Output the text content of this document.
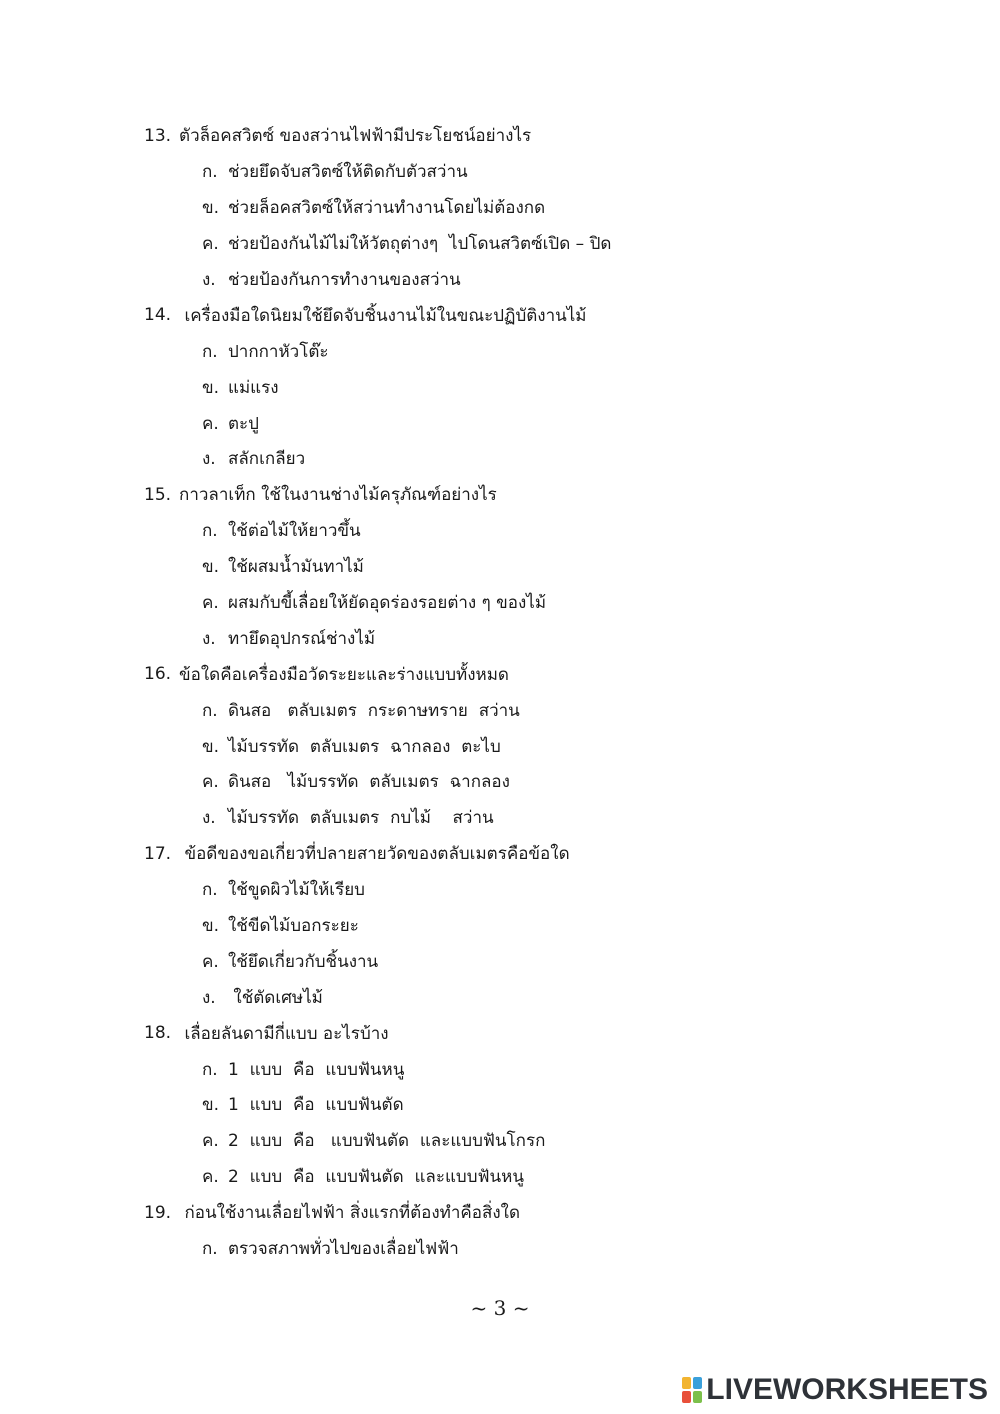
13. ตัวล็อคสวิตซ์ ของสว่านไฟฟ้ามีประโยชน์อย่างไร
ก. ช่วยยึดจับสวิตซ์ให้ติดกับตัวสว่าน
ข. ช่วยล็อคสวิตซ์ให้สว่านทำงานโดยไม่ต้องกด
ค. ช่วยป้องกันไม้ไม่ให้วัตถุต่างๆ  ไปโดนสวิตซ์เปิด – ปิด
ง. ช่วยป้องกันการทำงานของสว่าน
14. เครื่องมือใดนิยมใช้ยึดจับชิ้นงานไม้ในขณะปฏิบัติงานไม้
ก. ปากกาหัวโต๊ะ
ข. แม่แรง
ค. ตะปู
ง. สลักเกลียว
15. กาวลาเท็ก ใช้ในงานช่างไม้ครุภัณฑ์อย่างไร
ก. ใช้ต่อไม้ให้ยาวขึ้น
ข. ใช้ผสมน้ำมันทาไม้
ค. ผสมกับขี้เลื่อยให้ยัดอุดร่องรอยต่าง ๆ ของไม้
ง. ทายึดอุปกรณ์ช่างไม้
16. ข้อใดคือเครื่องมือวัดระยะและร่างแบบทั้งหมด
ก. ดินสอ   ตลับเมตร  กระดาษทราย  สว่าน
ข. ไม้บรรทัด  ตลับเมตร  ฉากลอง  ตะไบ
ค. ดินสอ   ไม้บรรทัด  ตลับเมตร  ฉากลอง
ง. ไม้บรรทัด  ตลับเมตร  กบไม้    สว่าน
17. ข้อดีของขอเกี่ยวที่ปลายสายวัดของตลับเมตรคือข้อใด
ก. ใช้ขูดผิวไม้ให้เรียบ
ข. ใช้ขีดไม้บอกระยะ
ค. ใช้ยึดเกี่ยวกับชิ้นงาน
ง. ใช้ตัดเศษไม้
18. เลื่อยลันดามีกี่แบบ อะไรบ้าง
ก. 1  แบบ  คือ  แบบฟันหนู
ข. 1  แบบ  คือ  แบบฟันตัด
ค. 2  แบบ  คือ   แบบฟันตัด  และแบบฟันโกรก
ค. 2  แบบ  คือ  แบบฟันตัด  และแบบฟันหนู
19. ก่อนใช้งานเลื่อยไฟฟ้า สิ่งแรกที่ต้องทำคือสิ่งใด
ก. ตรวจสภาพทั่วไปของเลื่อยไฟฟ้า
~ 3 ~
LIVEWORKSHEETS
